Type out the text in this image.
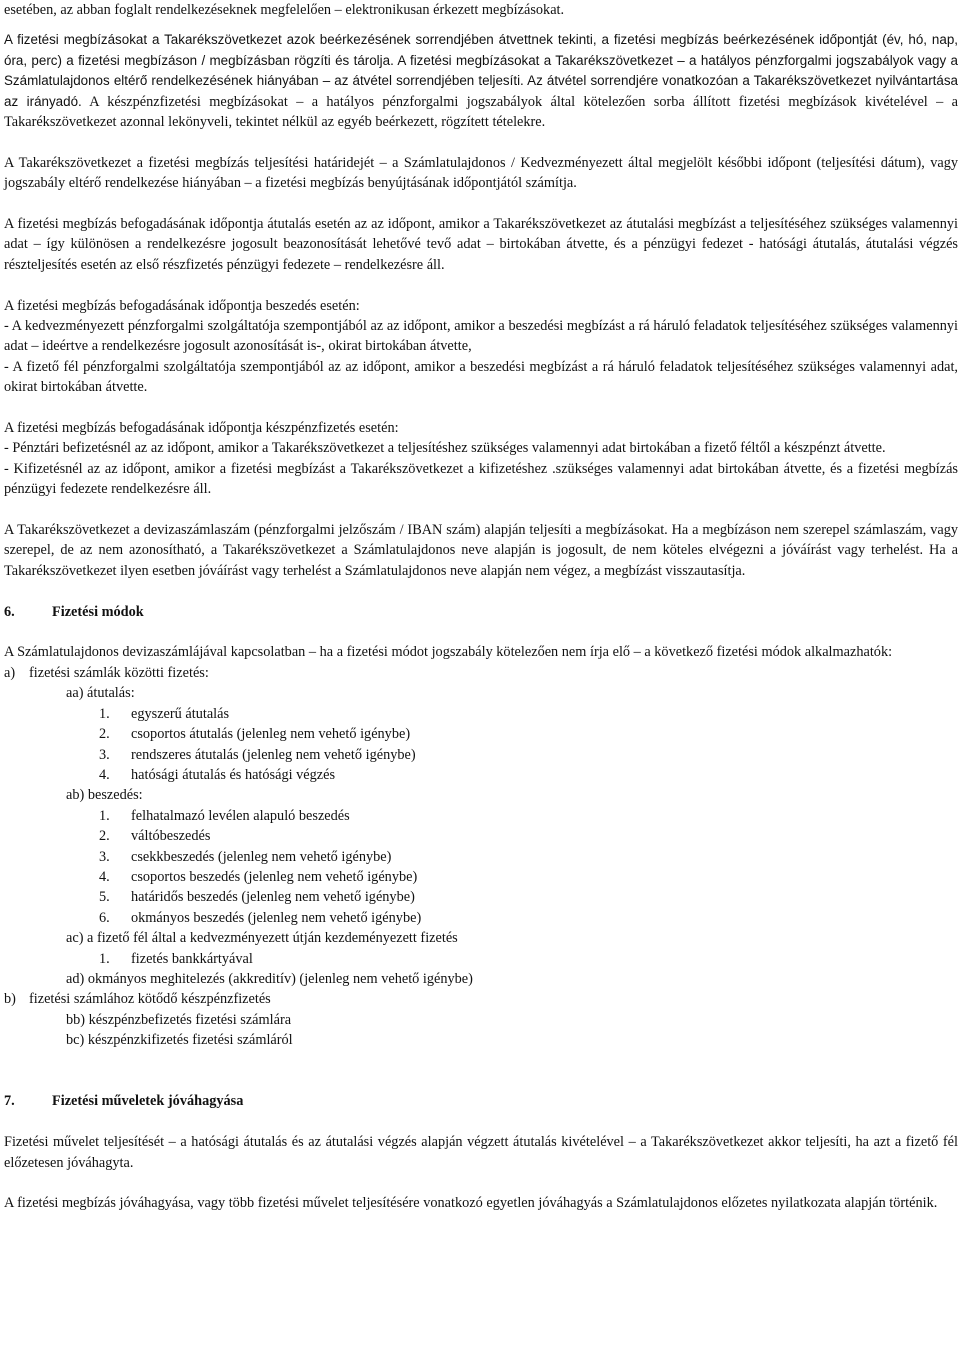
esetében, az abban foglalt rendelkezéseknek megfelelően – elektronikusan érkezett megbízásokat.

A fizetési megbízásokat a Takarékszövetkezet azok beérkezésének sorrendjében átvettnek tekinti, a fizetési megbízás beérkezésének időpontját (év, hó, nap, óra, perc) a fizetési megbízáson / megbízásban rögzíti és tárolja. A fizetési megbízásokat a Takarékszövetkezet – a hatályos pénzforgalmi jogszabályok vagy a Számlatulajdonos eltérő rendelkezésének hiányában – az átvétel sorrendjében teljesíti. Az átvétel sorrendjére vonatkozóan a Takarékszövetkezet nyilvántartása az irányadó. A készpénzfizetési megbízásokat – a hatályos pénzforgalmi jogszabályok által kötelezően sorba állított fizetési megbízások kivételével – a Takarékszövetkezet azonnal lekönyveli, tekintet nélkül az egyéb beérkezett, rögzített tételekre.

A Takarékszövetkezet a fizetési megbízás teljesítési határidejét – a Számlatulajdonos / Kedvezményezett által megjelölt későbbi időpont (teljesítési dátum), vagy jogszabály eltérő rendelkezése hiányában – a fizetési megbízás benyújtásának időpontjától számítja.

A fizetési megbízás befogadásának időpontja átutalás esetén az az időpont, amikor a Takarékszövetkezet az átutalási megbízást a teljesítéséhez szükséges valamennyi adat – így különösen a rendelkezésre jogosult beazonosítását lehetővé tevő adat – birtokában átvette, és a pénzügyi fedezet - hatósági átutalás, átutalási végzés részteljesítés esetén az első részfizetés pénzügyi fedezete – rendelkezésre áll.

A fizetési megbízás befogadásának időpontja beszedés esetén:

- A kedvezményezett pénzforgalmi szolgáltatója szempontjából az az időpont, amikor a beszedési megbízást a rá háruló feladatok teljesítéséhez szükséges valamennyi adat – ideértve a rendelkezésre jogosult azonosítását is-, okirat birtokában átvette,

- A fizető fél pénzforgalmi szolgáltatója szempontjából az az időpont, amikor a beszedési megbízást a rá háruló feladatok teljesítéséhez szükséges valamennyi adat, okirat birtokában átvette.

A fizetési megbízás befogadásának időpontja készpénzfizetés esetén:

- Pénztári befizetésnél az az időpont, amikor a Takarékszövetkezet a teljesítéshez szükséges valamennyi adat birtokában a fizető féltől a készpénzt átvette.

- Kifizetésnél az az időpont, amikor a fizetési megbízást a Takarékszövetkezet a kifizetéshez .szükséges valamennyi adat birtokában átvette, és a fizetési megbízás pénzügyi fedezete rendelkezésre áll.

A Takarékszövetkezet a devizaszámlaszám (pénzforgalmi jelzőszám / IBAN szám) alapján teljesíti a megbízásokat. Ha a megbízáson nem szerepel számlaszám, vagy szerepel, de az nem azonosítható, a Takarékszövetkezet a Számlatulajdonos neve alapján is jogosult, de nem köteles elvégezni a jóváírást vagy terhelést. Ha a Takarékszövetkezet ilyen esetben jóváírást vagy terhelést a Számlatulajdonos neve alapján nem végez, a megbízást visszautasítja.

6.	Fizetési módok

A Számlatulajdonos devizaszámlájával kapcsolatban – ha a fizetési módot jogszabály kötelezően nem írja elő – a következő fizetési módok alkalmazhatók:

a) fizetési számlák közötti fizetés:

aa) átutalás:

1. egyszerű átutalás

2. csoportos átutalás (jelenleg nem vehető igénybe)

3. rendszeres átutalás (jelenleg nem vehető igénybe)

4. hatósági átutalás és hatósági végzés

ab) beszedés:

1. felhatalmazó levélen alapuló beszedés

2. váltóbeszedés

3. csekkbeszedés (jelenleg nem vehető igénybe)

4. csoportos beszedés (jelenleg nem vehető igénybe)

5. határidős beszedés (jelenleg nem vehető igénybe)

6. okmányos beszedés (jelenleg nem vehető igénybe)

ac) a fizető fél által a kedvezményezett útján kezdeményezett fizetés

1. fizetés bankkártyával

ad) okmányos meghitelezés (akkreditív) (jelenleg nem vehető igénybe)

b) fizetési számlához kötődő készpénzfizetés

bb) készpénzbefizetés fizetési számlára

bc) készpénzkifizetés fizetési számláról

7.	Fizetési műveletek jóváhagyása

Fizetési művelet teljesítését – a hatósági átutalás és az átutalási végzés alapján végzett átutalás kivételével – a Takarékszövetkezet akkor teljesíti, ha azt a fizető fél előzetesen jóváhagyta.

A fizetési megbízás jóváhagyása, vagy több fizetési művelet teljesítésére vonatkozó egyetlen jóváhagyás a Számlatulajdonos előzetes nyilatkozata alapján történik.
